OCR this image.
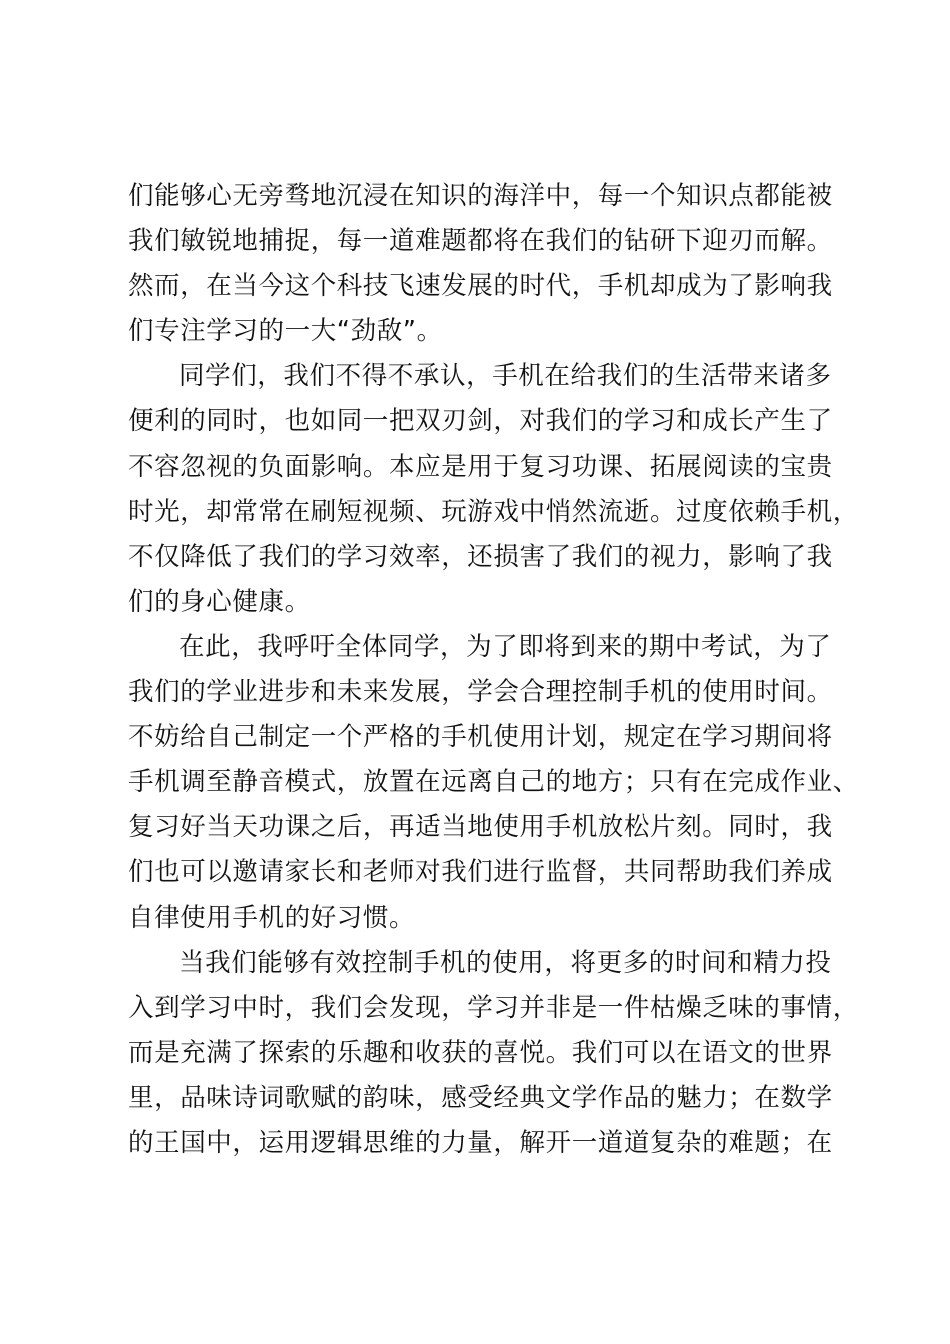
们能够心无旁骛地沉浸在知识的海洋中，每一个知识点都能被
我们敏锐地捕捉，每一道难题都将在我们的钻研下迎刃而解。
然而，在当今这个科技飞速发展的时代，手机却成为了影响我
们专注学习的一大“劲敌”。
同学们，我们不得不承认，手机在给我们的生活带来诸多
便利的同时，也如同一把双刃剑，对我们的学习和成长产生了
不容忽视的负面影响。本应是用于复习功课、拓展阅读的宝贵
时光，却常常在刷短视频、玩游戏中悄然流逝。过度依赖手机，
不仅降低了我们的学习效率，还损害了我们的视力，影响了我
们的身心健康。
在此，我呼吁全体同学，为了即将到来的期中考试，为了
我们的学业进步和未来发展，学会合理控制手机的使用时间。
不妨给自己制定一个严格的手机使用计划，规定在学习期间将
手机调至静音模式，放置在远离自己的地方；只有在完成作业、
复习好当天功课之后，再适当地使用手机放松片刻。同时，我
们也可以邀请家长和老师对我们进行监督，共同帮助我们养成
自律使用手机的好习惯。
当我们能够有效控制手机的使用，将更多的时间和精力投
入到学习中时，我们会发现，学习并非是一件枯燥乏味的事情，
而是充满了探索的乐趣和收获的喜悦。我们可以在语文的世界
里，品味诗词歌赋的韵味，感受经典文学作品的魅力；在数学
的王国中，运用逻辑思维的力量，解开一道道复杂的难题；在
